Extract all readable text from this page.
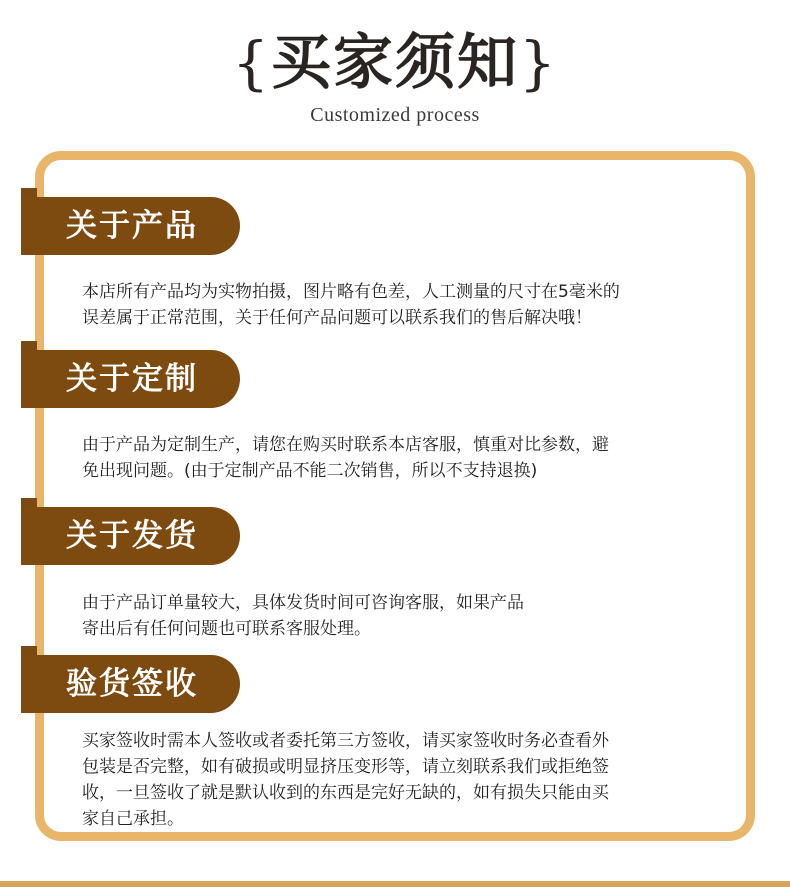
{买家须知}
Customized process
关于产品
本店所有产品均为实物拍摄，图片略有色差，人工测量的尺寸在5毫米的
误差属于正常范围，关于任何产品问题可以联系我们的售后解决哦！
关于定制
由于产品为定制生产，请您在购买时联系本店客服，慎重对比参数，避
免出现问题。(由于定制产品不能二次销售，所以不支持退换)
关于发货
由于产品订单量较大，具体发货时间可咨询客服，如果产品
寄出后有任何问题也可联系客服处理。
验货签收
买家签收时需本人签收或者委托第三方签收，请买家签收时务必查看外
包装是否完整，如有破损或明显挤压变形等，请立刻联系我们或拒绝签
收，一旦签收了就是默认收到的东西是完好无缺的，如有损失只能由买
家自己承担。
